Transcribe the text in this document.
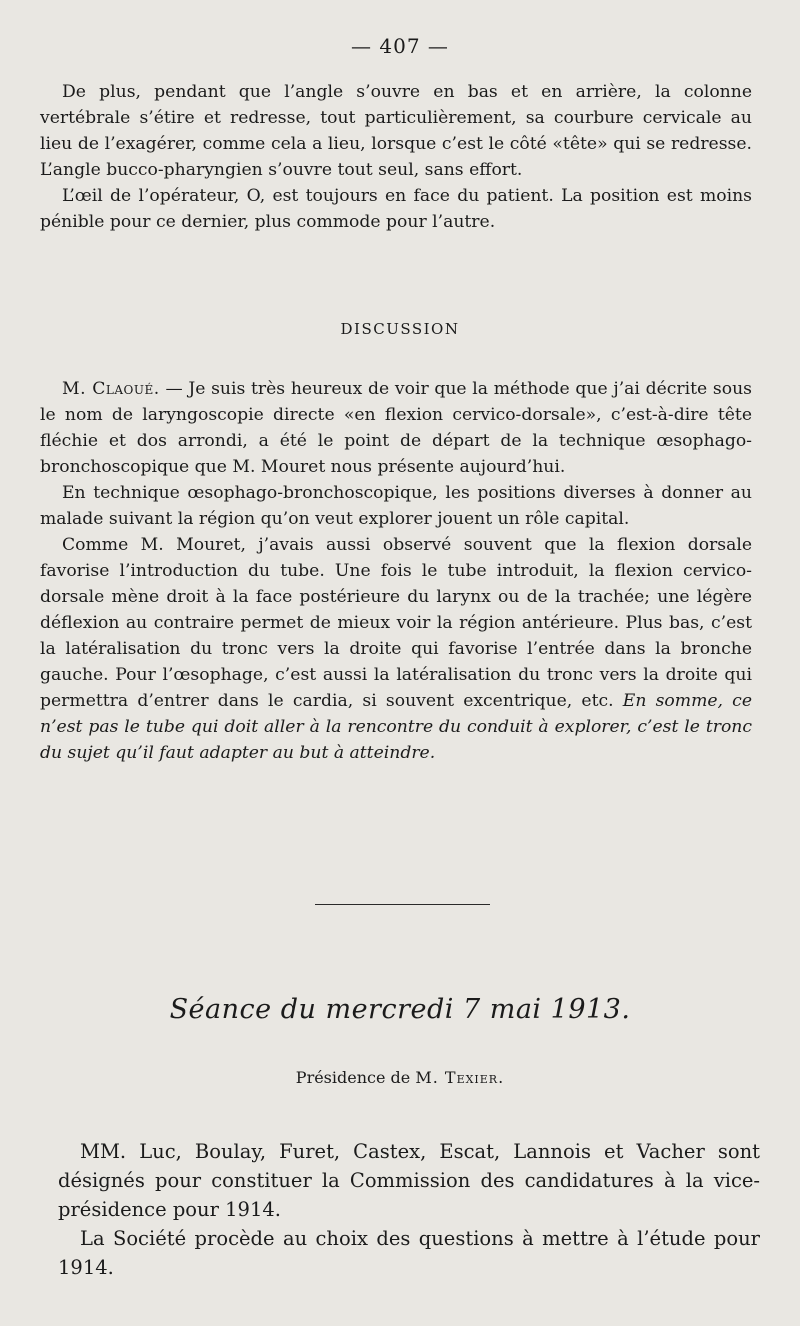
— 407 —

De plus, pendant que l’angle s’ouvre en bas et en arrière, la colonne vertébrale s’étire et redresse, tout particulièrement, sa courbure cervicale au lieu de l’exagérer, comme cela a lieu, lorsque c’est le côté «tête» qui se redresse. L’angle bucco-pharyngien s’ouvre tout seul, sans effort.

L’œil de l’opérateur, O, est toujours en face du patient. La position est moins pénible pour ce dernier, plus commode pour l’autre.

DISCUSSION

M. Claoué. — Je suis très heureux de voir que la méthode que j’ai décrite sous le nom de laryngoscopie directe «en flexion cervico-dorsale», c’est-à-dire tête fléchie et dos arrondi, a été le point de départ de la technique œsophago-bronchoscopique que M. Mouret nous présente aujourd’hui.

En technique œsophago-bronchoscopique, les positions diverses à donner au malade suivant la région qu’on veut explorer jouent un rôle capital.

Comme M. Mouret, j’avais aussi observé souvent que la flexion dorsale favorise l’introduction du tube. Une fois le tube introduit, la flexion cervico-dorsale mène droit à la face postérieure du larynx ou de la trachée; une légère déflexion au contraire permet de mieux voir la région antérieure. Plus bas, c’est la latéralisation du tronc vers la droite qui favorise l’entrée dans la bronche gauche. Pour l’œsophage, c’est aussi la latéralisation du tronc vers la droite qui permettra d’entrer dans le cardia, si souvent excentrique, etc. En somme, ce n’est pas le tube qui doit aller à la rencontre du conduit à explorer, c’est le tronc du sujet qu’il faut adapter au but à atteindre.

Séance du mercredi 7 mai 1913.
Présidence de M. Texier.

MM. Luc, Boulay, Furet, Castex, Escat, Lannois et Vacher sont désignés pour constituer la Commission des candidatures à la vice-présidence pour 1914.

La Société procède au choix des questions à mettre à l’étude pour 1914.
